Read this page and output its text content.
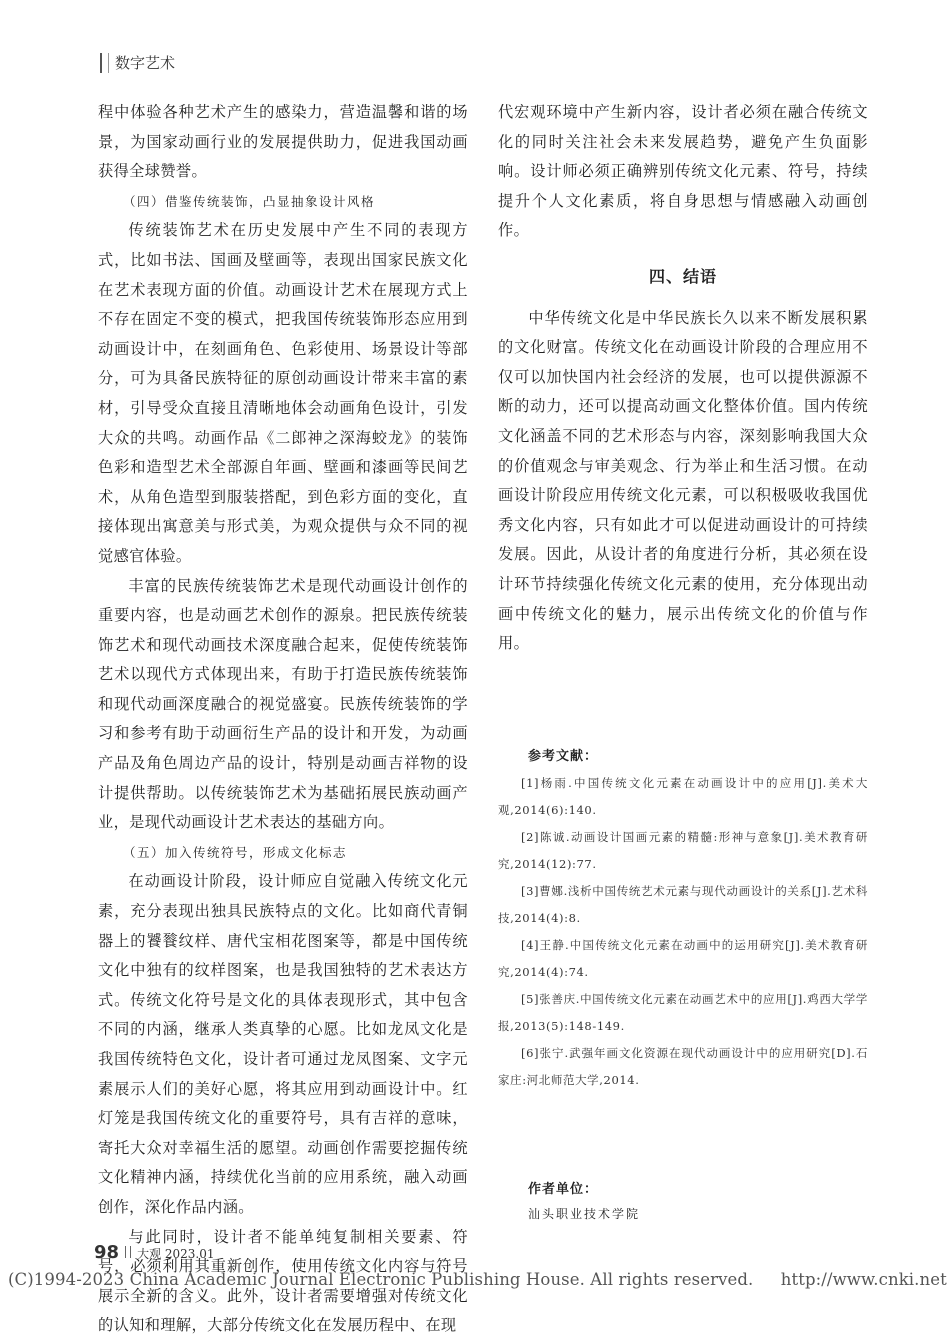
数字艺术

程中体验各种艺术产生的感染力，营造温馨和谐的场景，为国家动画行业的发展提供助力，促进我国动画获得全球赞誉。

（四）借鉴传统装饰，凸显抽象设计风格

传统装饰艺术在历史发展中产生不同的表现方式，比如书法、国画及壁画等，表现出国家民族文化在艺术表现方面的价值。动画设计艺术在展现方式上不存在固定不变的模式，把我国传统装饰形态应用到动画设计中，在刻画角色、色彩使用、场景设计等部分，可为具备民族特征的原创动画设计带来丰富的素材，引导受众直接且清晰地体会动画角色设计，引发大众的共鸣。动画作品《二郎神之深海蛟龙》的装饰色彩和造型艺术全部源自年画、壁画和漆画等民间艺术，从角色造型到服装搭配，到色彩方面的变化，直接体现出寓意美与形式美，为观众提供与众不同的视觉感官体验。

丰富的民族传统装饰艺术是现代动画设计创作的重要内容，也是动画艺术创作的源泉。把民族传统装饰艺术和现代动画技术深度融合起来，促使传统装饰艺术以现代方式体现出来，有助于打造民族传统装饰和现代动画深度融合的视觉盛宴。民族传统装饰的学习和参考有助于动画衍生产品的设计和开发，为动画产品及角色周边产品的设计，特别是动画吉祥物的设计提供帮助。以传统装饰艺术为基础拓展民族动画产业，是现代动画设计艺术表达的基础方向。

（五）加入传统符号，形成文化标志

在动画设计阶段，设计师应自觉融入传统文化元素，充分表现出独具民族特点的文化。比如商代青铜器上的饕餮纹样、唐代宝相花图案等，都是中国传统文化中独有的纹样图案，也是我国独特的艺术表达方式。传统文化符号是文化的具体表现形式，其中包含不同的内涵，继承人类真挚的心愿。比如龙凤文化是我国传统特色文化，设计者可通过龙凤图案、文字元素展示人们的美好心愿，将其应用到动画设计中。红灯笼是我国传统文化的重要符号，具有吉祥的意味，寄托大众对幸福生活的愿望。动画创作需要挖掘传统文化精神内涵，持续优化当前的应用系统，融入动画创作，深化作品内涵。

与此同时，设计者不能单纯复制相关要素、符号，必须利用其重新创作，使用传统文化内容与符号展示全新的含义。此外，设计者需要增强对传统文化的认知和理解，大部分传统文化在发展历程中、在现

代宏观环境中产生新内容，设计者必须在融合传统文化的同时关注社会未来发展趋势，避免产生负面影响。设计师必须正确辨别传统文化元素、符号，持续提升个人文化素质，将自身思想与情感融入动画创作。

四、结语

中华传统文化是中华民族长久以来不断发展积累的文化财富。传统文化在动画设计阶段的合理应用不仅可以加快国内社会经济的发展，也可以提供源源不断的动力，还可以提高动画文化整体价值。国内传统文化涵盖不同的艺术形态与内容，深刻影响我国大众的价值观念与审美观念、行为举止和生活习惯。在动画设计阶段应用传统文化元素，可以积极吸收我国优秀文化内容，只有如此才可以促进动画设计的可持续发展。因此，从设计者的角度进行分析，其必须在设计环节持续强化传统文化元素的使用，充分体现出动画中传统文化的魅力，展示出传统文化的价值与作用。

参考文献：

[1]杨雨.中国传统文化元素在动画设计中的应用[J].美术大观,2014(6):140.

[2]陈诚.动画设计国画元素的精髓:形神与意象[J].美术教育研究,2014(12):77.

[3]曹娜.浅析中国传统艺术元素与现代动画设计的关系[J].艺术科技,2014(4):8.

[4]王静.中国传统文化元素在动画中的运用研究[J].美术教育研究,2014(4):74.

[5]张善庆.中国传统文化元素在动画艺术中的应用[J].鸡西大学学报,2013(5):148-149.

[6]张宁.武强年画文化资源在现代动画设计中的应用研究[D].石家庄:河北师范大学,2014.

作者单位：

汕头职业技术学院

98 大观 2023.01
(C)1994-2023 China Academic Journal Electronic Publishing House. All rights reserved. http://www.cnki.net
